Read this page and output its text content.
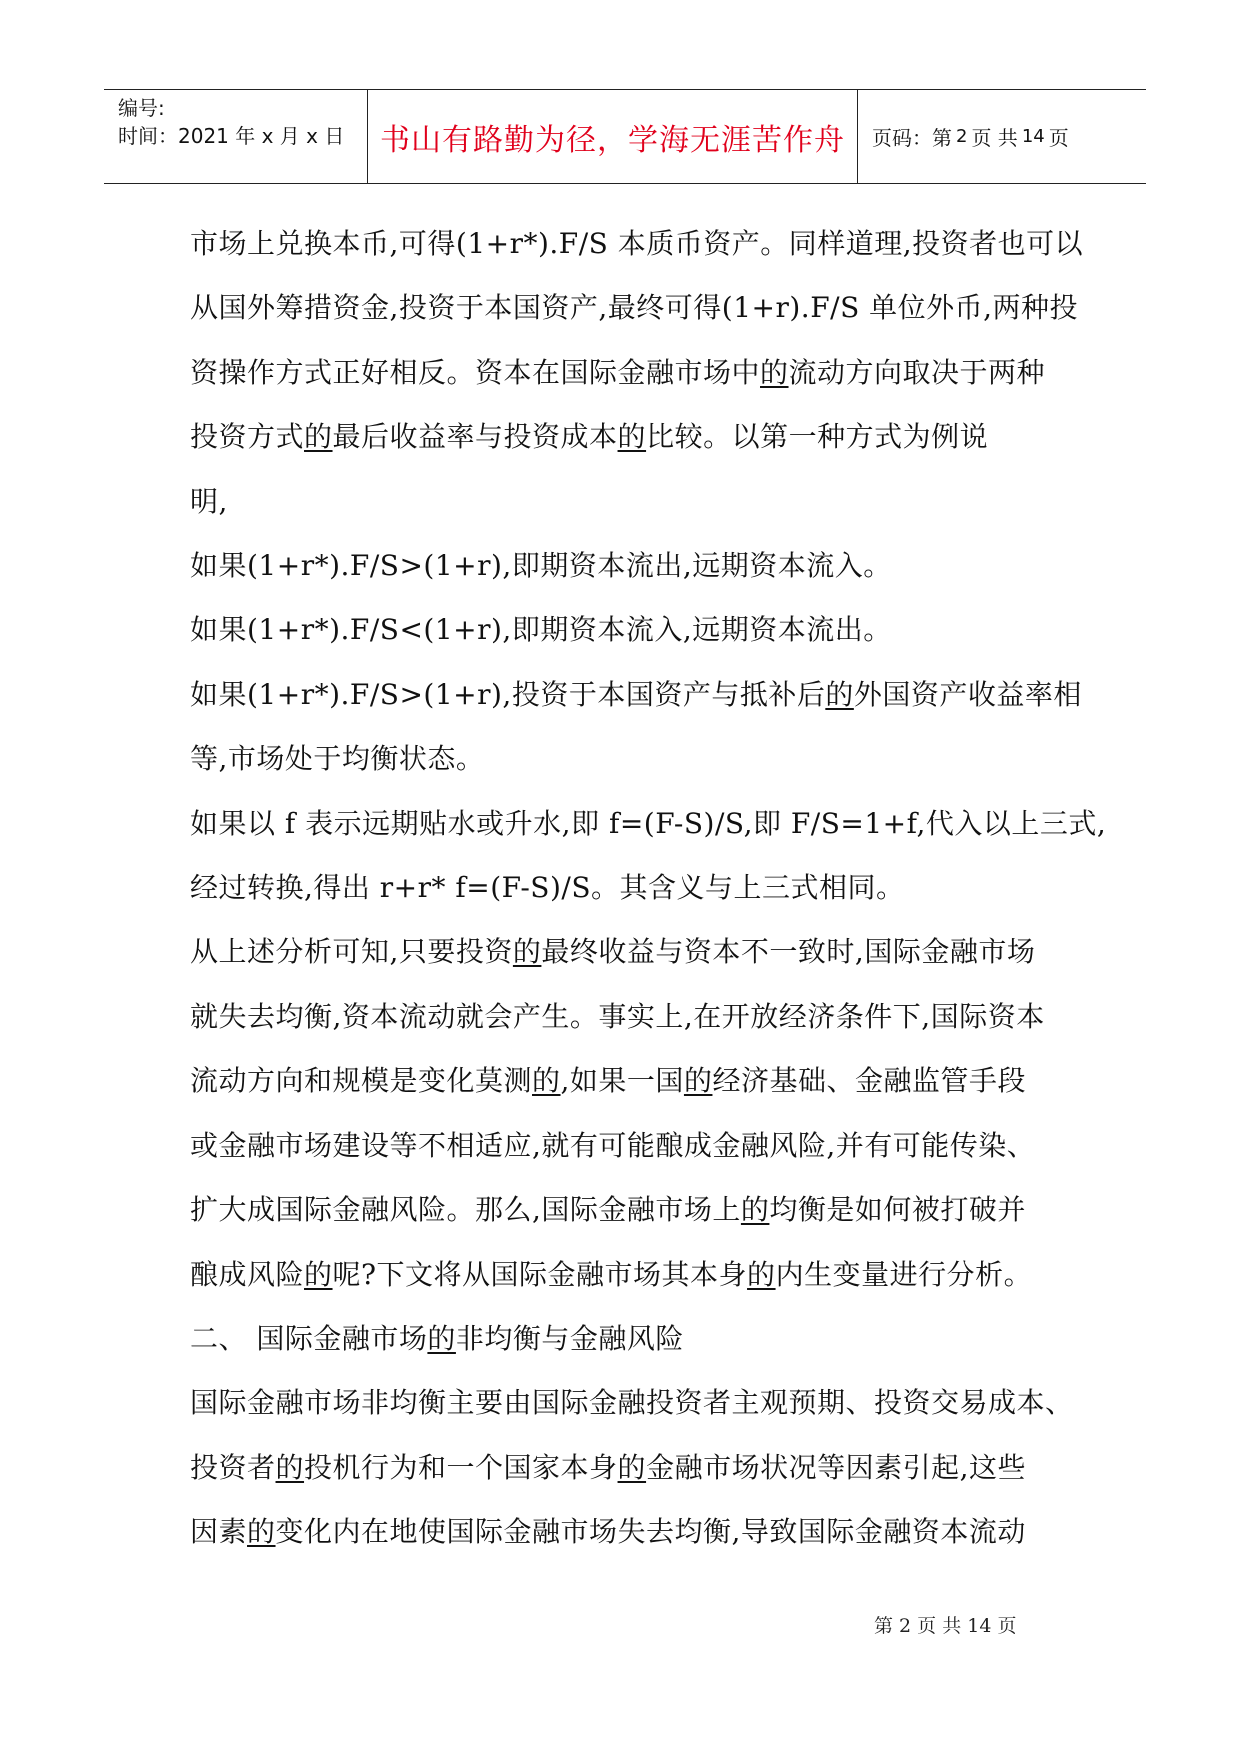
编号:
时间：2021 年 x 月 x 日	书山有路勤为径，学海无涯苦作舟	页码：第 2 页 共 14 页

市场上兑换本币,可得(1+r*).F/S 本质币资产。同样道理,投资者也可以

从国外筹措资金,投资于本国资产,最终可得(1+r).F/S 单位外币,两种投

资操作方式正好相反。资本在国际金融市场中的流动方向取决于两种

投资方式的最后收益率与投资成本的比较。以第一种方式为例说

明,

如果(1+r*).F/S>(1+r),即期资本流出,远期资本流入。

如果(1+r*).F/S<(1+r),即期资本流入,远期资本流出。

如果(1+r*).F/S>(1+r),投资于本国资产与抵补后的外国资产收益率相

等,市场处于均衡状态。

如果以 f 表示远期贴水或升水,即 f=(F-S)/S,即 F/S=1+f,代入以上三式,

经过转换,得出 r+r* f=(F-S)/S。其含义与上三式相同。

从上述分析可知,只要投资的最终收益与资本不一致时,国际金融市场

就失去均衡,资本流动就会产生。事实上,在开放经济条件下,国际资本

流动方向和规模是变化莫测的,如果一国的经济基础、金融监管手段

或金融市场建设等不相适应,就有可能酿成金融风险,并有可能传染、

扩大成国际金融风险。那么,国际金融市场上的均衡是如何被打破并

酿成风险的呢?下文将从国际金融市场其本身的内生变量进行分析。

二、 国际金融市场的非均衡与金融风险

国际金融市场非均衡主要由国际金融投资者主观预期、投资交易成本、

投资者的投机行为和一个国家本身的金融市场状况等因素引起,这些

因素的变化内在地使国际金融市场失去均衡,导致国际金融资本流动

第 2 页 共 14 页
